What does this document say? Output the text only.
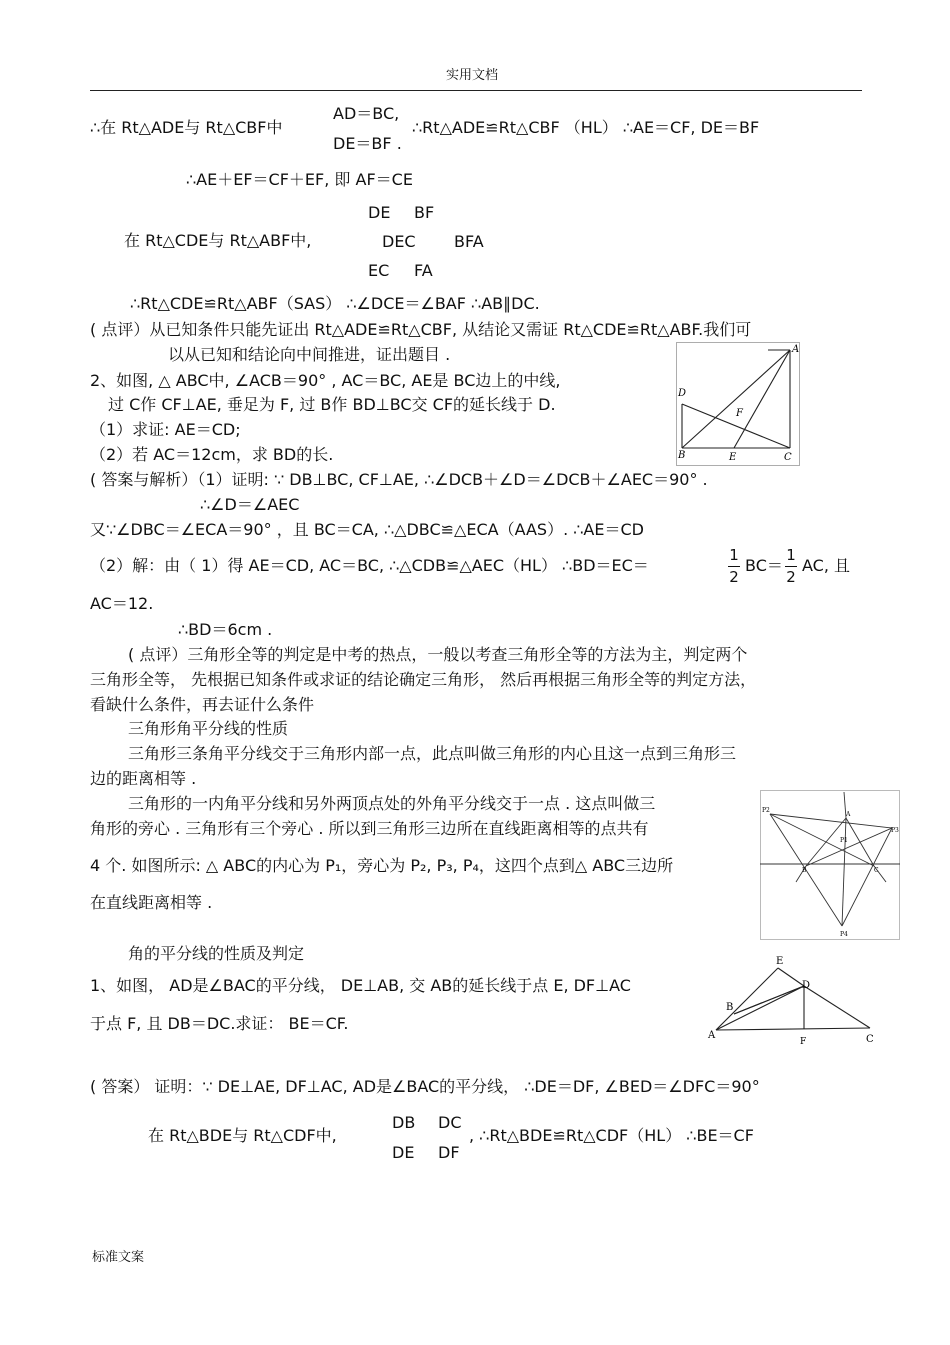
实用文档
标准文案
∴在 Rt△ADE与 Rt△CBF中
AD＝BC,
DE＝BF .
∴Rt△ADE≌Rt△CBF （HL） ∴AE＝CF, DE＝BF
∴AE＋EF＝CF＋EF, 即 AF＝CE
DE BF
在 Rt△CDE与 Rt△ABF中,	DEC BFA
EC FA
∴Rt△CDE≌Rt△ABF（SAS） ∴∠DCE＝∠BAF ∴AB∥DC.
( 点评）从已知条件只能先证出 Rt△ADE≌Rt△CBF, 从结论又需证 Rt△CDE≌Rt△ABF.我们可
以从已知和结论向中间推进，证出题目 .
2、如图, △ ABC中, ∠ACB＝90° , AC＝BC, AE是 BC边上的中线,
过 C作 CF⊥AE, 垂足为 F, 过 B作 BD⊥BC交 CF的延长线于 D.
（1）求证: AE＝CD;
（2）若 AC＝12cm，求 BD的长.
( 答案与解析）（1）证明: ∵ DB⊥BC, CF⊥AE, ∴∠DCB＋∠D＝∠DCB＋∠AEC＝90° .
∴∠D＝∠AEC
又∵∠DBC＝∠ECA＝90° ，且 BC＝CA, ∴△DBC≌△ECA（AAS）. ∴AE＝CD
（2）解：由（ 1）得 AE＝CD, AC＝BC, ∴△CDB≌△AEC（HL） ∴BD＝EC＝
1
2
BC＝
1
2
AC, 且
AC＝12.
∴BD＝6cm .
( 点评）三角形全等的判定是中考的热点，一般以考查三角形全等的方法为主，判定两个
三角形全等， 先根据已知条件或求证的结论确定三角形， 然后再根据三角形全等的判定方法，
看缺什么条件，再去证什么条件
三角形角平分线的性质
三角形三条角平分线交于三角形内部一点，此点叫做三角形的内心且这一点到三角形三
边的距离相等 .
三角形的一内角平分线和另外两顶点处的外角平分线交于一点 . 这点叫做三
角形的旁心 . 三角形有三个旁心 . 所以到三角形三边所在直线距离相等的点共有
4 个. 如图所示: △ ABC的内心为 P₁，旁心为 P₂, P₃, P₄，这四个点到△ ABC三边所
在直线距离相等 .
角的平分线的性质及判定
1、如图， AD是∠BAC的平分线， DE⊥AB, 交 AB的延长线于点 E, DF⊥AC
于点 F, 且 DB＝DC.求证： BE＝CF.
( 答案） 证明：∵ DE⊥AE, DF⊥AC, AD是∠BAC的平分线， ∴DE＝DF, ∠BED＝∠DFC＝90°
在 Rt△BDE与 Rt△CDF中,
DB DC
DE DF
, ∴Rt△BDE≌Rt△CDF（HL） ∴BE＝CF
A
B	C
D
E
F
P2
P3
P1
P4
A
B	C
E
B
A
D
F	C
